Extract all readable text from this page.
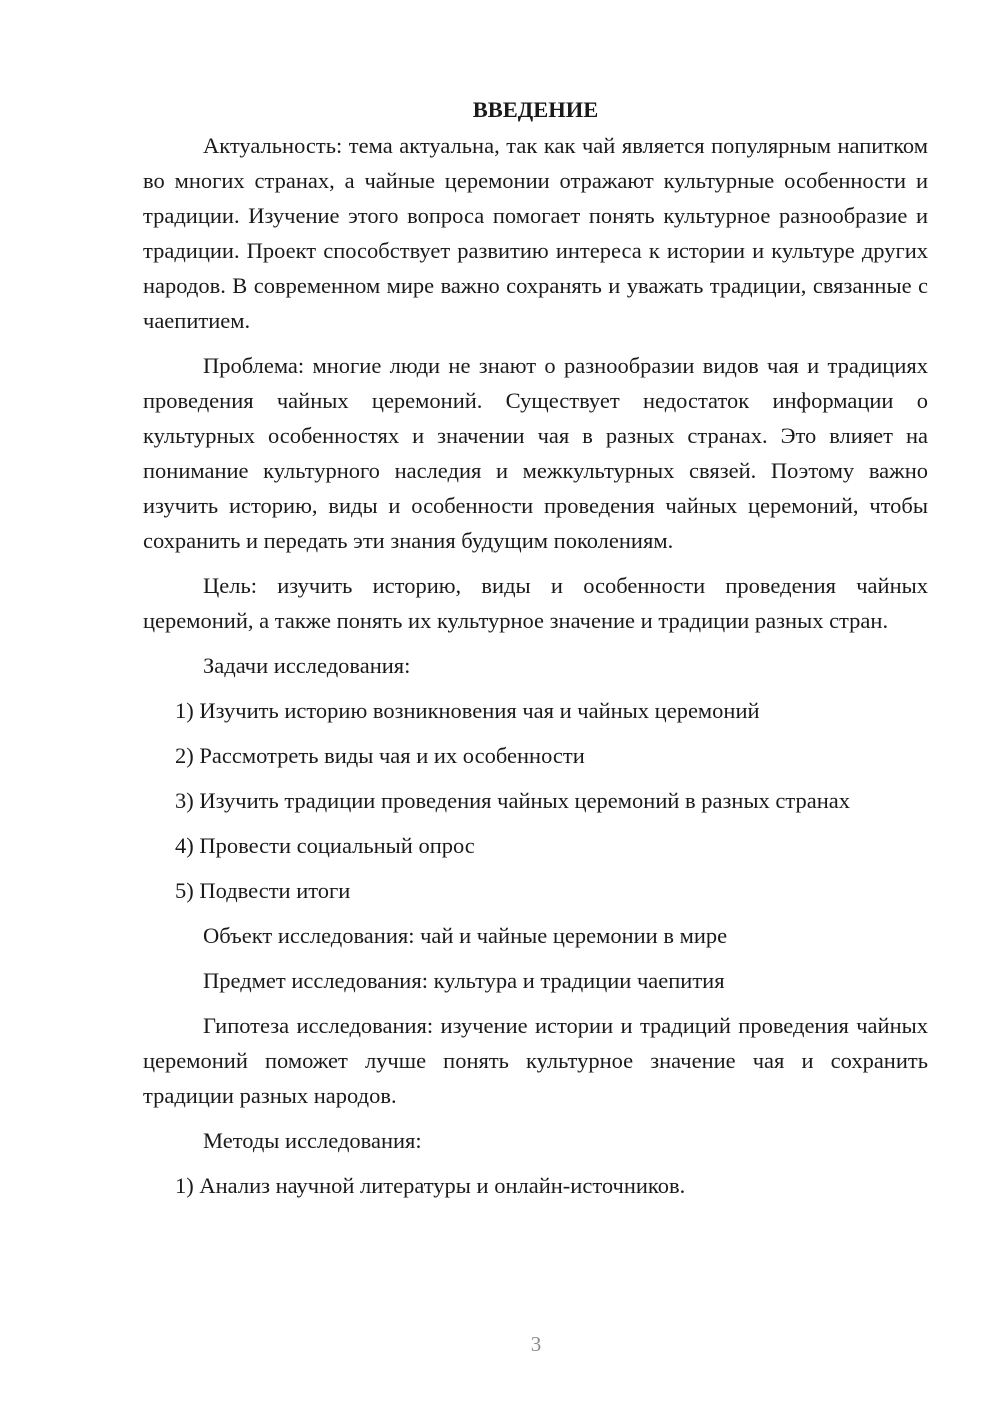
ВВЕДЕНИЕ

Актуальность: тема актуальна, так как чай является популярным напитком во многих странах, а чайные церемонии отражают культурные особенности и традиции. Изучение этого вопроса помогает понять культурное разнообразие и традиции. Проект способствует развитию интереса к истории и культуре других народов. В современном мире важно сохранять и уважать традиции, связанные с чаепитием.

Проблема: многие люди не знают о разнообразии видов чая и традициях проведения чайных церемоний. Существует недостаток информации о культурных особенностях и значении чая в разных странах. Это влияет на понимание культурного наследия и межкультурных связей. Поэтому важно изучить историю, виды и особенности проведения чайных церемоний, чтобы сохранить и передать эти знания будущим поколениям.

Цель: изучить историю, виды и особенности проведения чайных церемоний, а также понять их культурное значение и традиции разных стран.

Задачи исследования:
1) Изучить историю возникновения чая и чайных церемоний
2) Рассмотреть виды чая и их особенности
3) Изучить традиции проведения чайных церемоний в разных странах
4) Провести социальный опрос
5) Подвести итоги
Объект исследования: чай и чайные церемонии в мире
Предмет исследования: культура и традиции чаепития

Гипотеза исследования: изучение истории и традиций проведения чайных церемоний поможет лучше понять культурное значение чая и сохранить традиции разных народов.

Методы исследования:
1) Анализ научной литературы и онлайн-источников.
3
